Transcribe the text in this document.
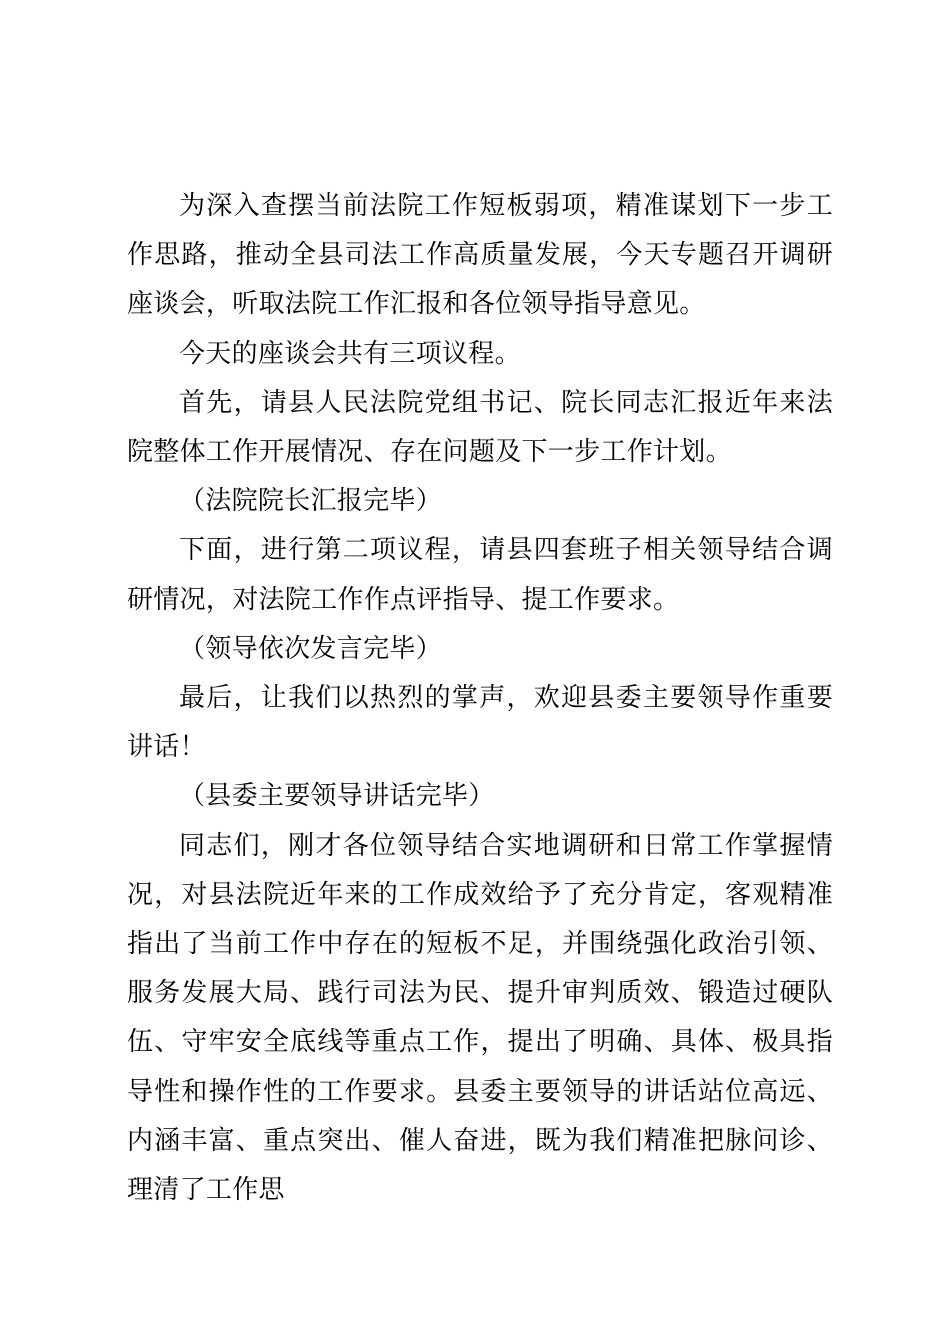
为深入查摆当前法院工作短板弱项，精准谋划下一步工作思路，推动全县司法工作高质量发展，今天专题召开调研座谈会，听取法院工作汇报和各位领导指导意见。

今天的座谈会共有三项议程。

首先，请县人民法院党组书记、院长同志汇报近年来法院整体工作开展情况、存在问题及下一步工作计划。

（法院院长汇报完毕）

下面，进行第二项议程，请县四套班子相关领导结合调研情况，对法院工作作点评指导、提工作要求。

（领导依次发言完毕）

最后，让我们以热烈的掌声，欢迎县委主要领导作重要讲话！

（县委主要领导讲话完毕）

同志们，刚才各位领导结合实地调研和日常工作掌握情况，对县法院近年来的工作成效给予了充分肯定，客观精准指出了当前工作中存在的短板不足，并围绕强化政治引领、服务发展大局、践行司法为民、提升审判质效、锻造过硬队伍、守牢安全底线等重点工作，提出了明确、具体、极具指导性和操作性的工作要求。县委主要领导的讲话站位高远、内涵丰富、重点突出、催人奋进，既为我们精准把脉问诊、理清了工作思
